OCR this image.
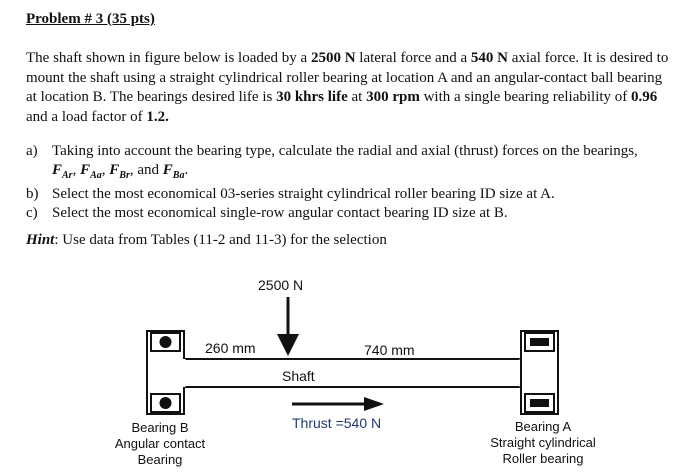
Problem # 3 (35 pts)
The shaft shown in figure below is loaded by a 2500 N lateral force and a 540 N axial force. It is desired to mount the shaft using a straight cylindrical roller bearing at location A and an angular-contact ball bearing at location B. The bearings desired life is 30 khrs life at 300 rpm with a single bearing reliability of 0.96 and a load factor of 1.2.
a) Taking into account the bearing type, calculate the radial and axial (thrust) forces on the bearings,
$F_{Ar}$, $F_{Aa}$, $F_{Br}$, and $F_{Ba}$.
b) Select the most economical 03-series straight cylindrical roller bearing ID size at A.
c) Select the most economical single-row angular contact bearing ID size at B.
Hint: Use data from Tables (11-2 and 11-3) for the selection
2500 N
260 mm	740 mm
Shaft
Thrust =540 N
Bearing B
Angular contact
Bearing
Bearing A
Straight cylindrical
Roller bearing
